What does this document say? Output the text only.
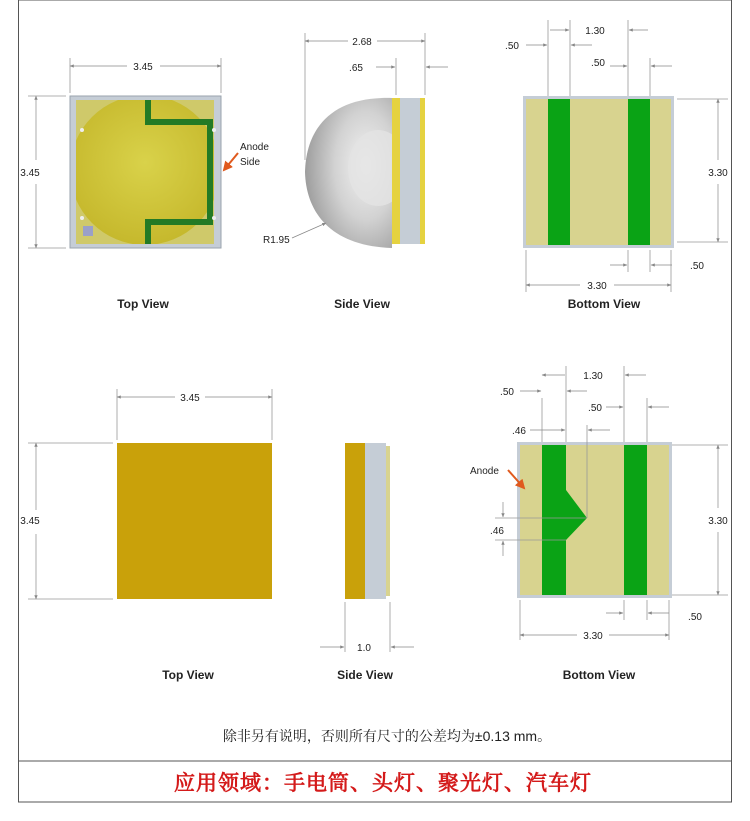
3.45
3.45
Anode
Side
Top View
2.68
.65
R1.95
Side View
1.30
.50
.50
3.30
3.30
.50
Bottom View
3.45
3.45
Top View
1.0
Side View
1.30
.50
.50
.46
.46
3.30
3.30
.50
Anode
Bottom View
除非另有说明，否则所有尺寸的公差均为±0.13 mm。
应用领域：手电筒、头灯、聚光灯、汽车灯
